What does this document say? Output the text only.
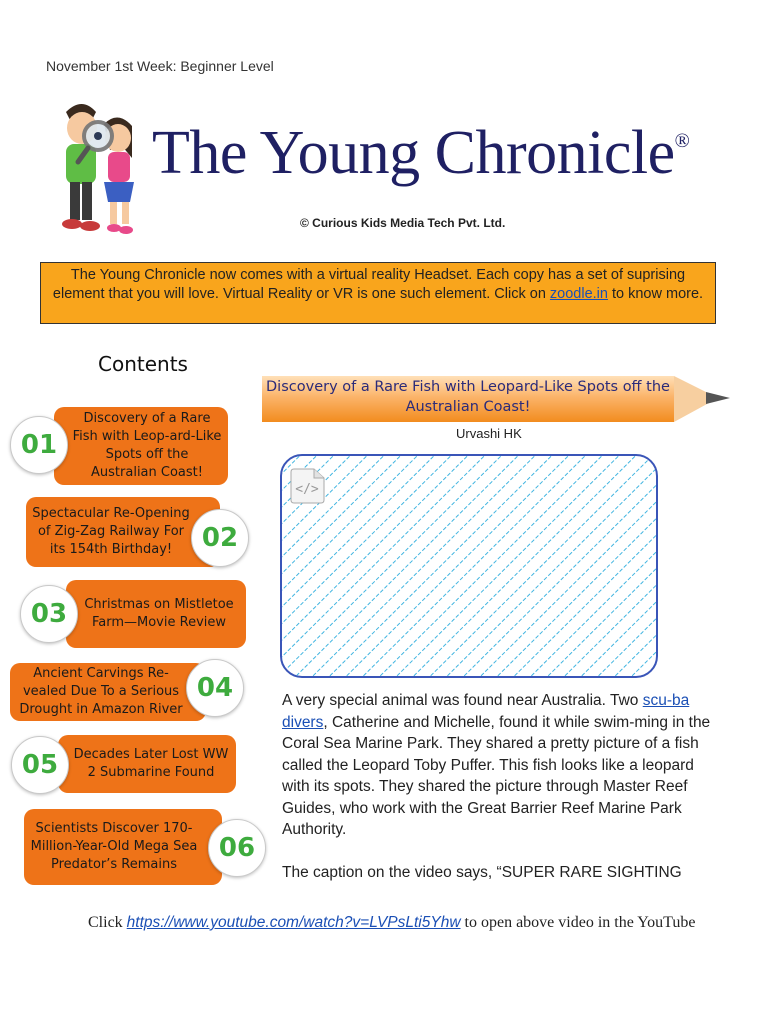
November 1st Week: Beginner Level
The Young Chronicle®
© Curious Kids Media Tech Pvt. Ltd.
The Young Chronicle now comes with a virtual reality Headset. Each copy has a set of suprising element that you will love. Virtual Reality or VR is one such element. Click on zoodle.in to know more.
Contents
Discovery of a Rare Fish with Leop-ard-Like Spots off the Australian Coast!
01
Spectacular Re-Opening of Zig-Zag Railway For its 154th Birthday!	02
Christmas on Mistletoe Farm—Movie Review
03
Ancient Carvings Re-vealed Due To a Serious Drought in Amazon River
04
Decades Later Lost WW 2 Submarine Found
05
Scientists Discover 170-Million-Year-Old Mega Sea Predator’s Remains
06
Discovery of a Rare Fish with Leopard-Like Spots off the Australian Coast!
Urvashi HK
</>
A very special animal was found near Australia. Two scu-ba divers, Catherine and Michelle, found it while swim-ming in the Coral Sea Marine Park. They shared a pretty picture of a fish called the Leopard Toby Puffer. This fish looks like a leopard with its spots. They shared the picture through Master Reef Guides, who work with the Great Barrier Reef Marine Park Authority.
The caption on the video says, “SUPER RARE SIGHTING
Click https://www.youtube.com/watch?v=LVPsLti5Yhw to open above video in the YouTube
